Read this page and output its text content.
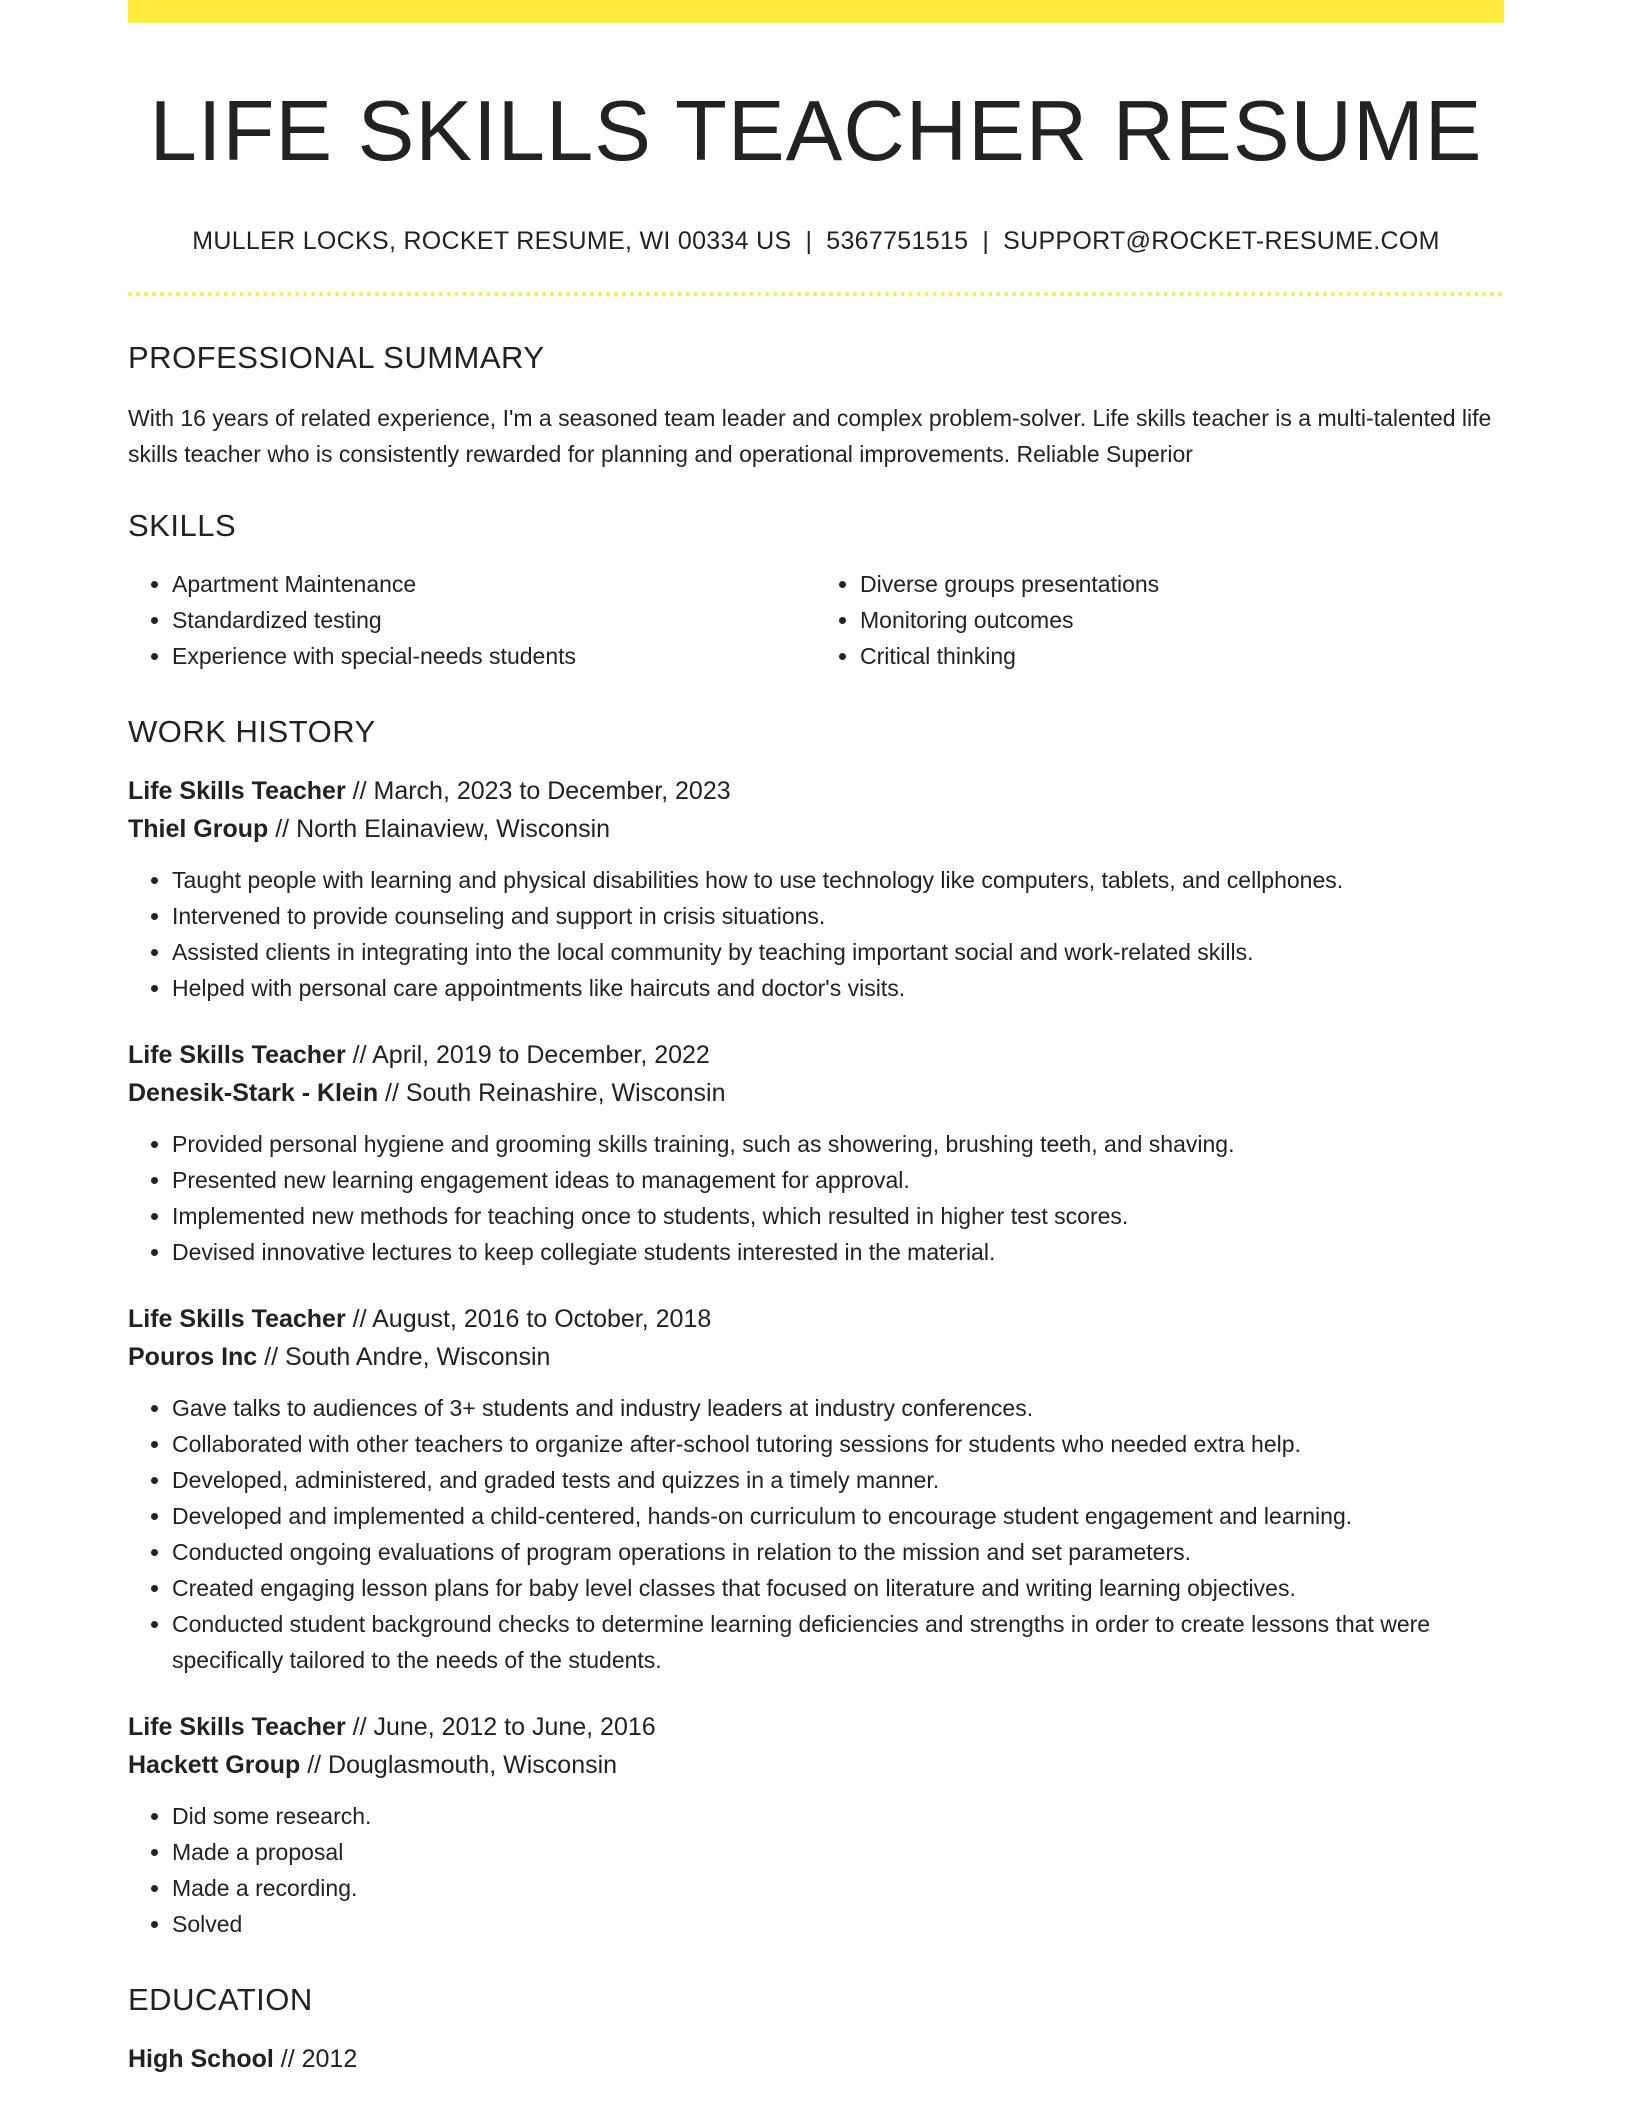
LIFE SKILLS TEACHER RESUME
MULLER LOCKS, ROCKET RESUME, WI 00334 US | 5367751515 | SUPPORT@ROCKET-RESUME.COM
PROFESSIONAL SUMMARY
With 16 years of related experience, I'm a seasoned team leader and complex problem-solver. Life skills teacher is a multi-talented life skills teacher who is consistently rewarded for planning and operational improvements. Reliable Superior
SKILLS
• Apartment Maintenance
• Standardized testing
• Experience with special-needs students
• Diverse groups presentations
• Monitoring outcomes
• Critical thinking
WORK HISTORY
Life Skills Teacher // March, 2023 to December, 2023
Thiel Group // North Elainaview, Wisconsin
• Taught people with learning and physical disabilities how to use technology like computers, tablets, and cellphones.
• Intervened to provide counseling and support in crisis situations.
• Assisted clients in integrating into the local community by teaching important social and work-related skills.
• Helped with personal care appointments like haircuts and doctor's visits.
Life Skills Teacher // April, 2019 to December, 2022
Denesik-Stark - Klein // South Reinashire, Wisconsin
• Provided personal hygiene and grooming skills training, such as showering, brushing teeth, and shaving.
• Presented new learning engagement ideas to management for approval.
• Implemented new methods for teaching once to students, which resulted in higher test scores.
• Devised innovative lectures to keep collegiate students interested in the material.
Life Skills Teacher // August, 2016 to October, 2018
Pouros Inc // South Andre, Wisconsin
• Gave talks to audiences of 3+ students and industry leaders at industry conferences.
• Collaborated with other teachers to organize after-school tutoring sessions for students who needed extra help.
• Developed, administered, and graded tests and quizzes in a timely manner.
• Developed and implemented a child-centered, hands-on curriculum to encourage student engagement and learning.
• Conducted ongoing evaluations of program operations in relation to the mission and set parameters.
• Created engaging lesson plans for baby level classes that focused on literature and writing learning objectives.
• Conducted student background checks to determine learning deficiencies and strengths in order to create lessons that were specifically tailored to the needs of the students.
Life Skills Teacher // June, 2012 to June, 2016
Hackett Group // Douglasmouth, Wisconsin
• Did some research.
• Made a proposal
• Made a recording.
• Solved
EDUCATION
High School // 2012
